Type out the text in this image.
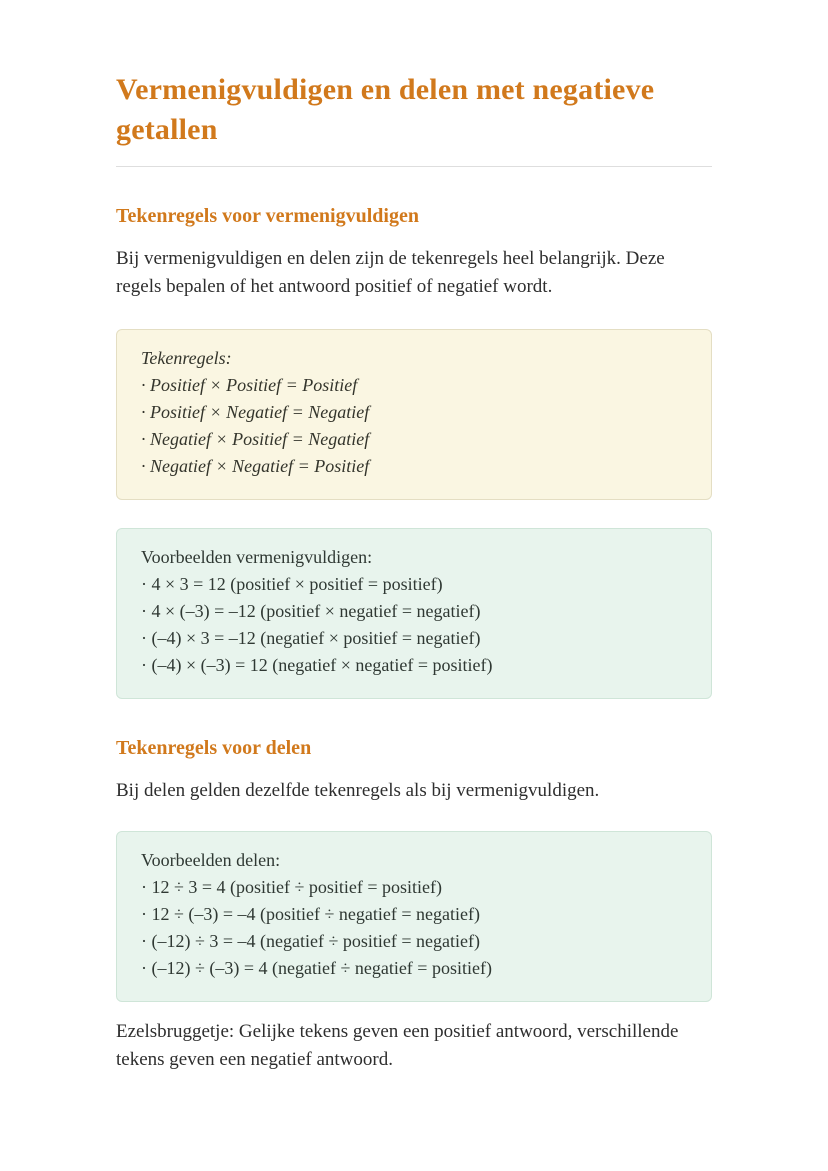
Vermenigvuldigen en delen met negatieve getallen
Tekenregels voor vermenigvuldigen

Bij vermenigvuldigen en delen zijn de tekenregels heel belangrijk. Deze regels bepalen of het antwoord positief of negatief wordt.

Tekenregels:
· Positief × Positief = Positief
· Positief × Negatief = Negatief
· Negatief × Positief = Negatief
· Negatief × Negatief = Positief
Voorbeelden vermenigvuldigen:
· 4 × 3 = 12 (positief × positief = positief)
· 4 × (–3) = –12 (positief × negatief = negatief)
· (–4) × 3 = –12 (negatief × positief = negatief)
· (–4) × (–3) = 12 (negatief × negatief = positief)
Tekenregels voor delen

Bij delen gelden dezelfde tekenregels als bij vermenigvuldigen.

Voorbeelden delen:
· 12 ÷ 3 = 4 (positief ÷ positief = positief)
· 12 ÷ (–3) = –4 (positief ÷ negatief = negatief)
· (–12) ÷ 3 = –4 (negatief ÷ positief = negatief)
· (–12) ÷ (–3) = 4 (negatief ÷ negatief = positief)

Ezelsbruggetje: Gelijke tekens geven een positief antwoord, verschillende tekens geven een negatief antwoord.
